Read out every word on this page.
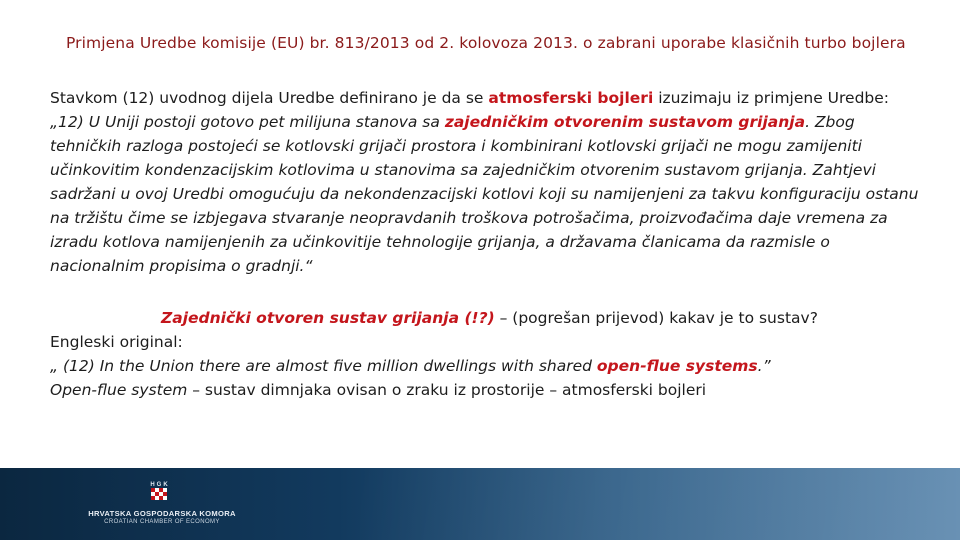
Primjena Uredbe komisije (EU) br. 813/2013 od 2. kolovoza 2013. o zabrani uporabe klasičnih turbo bojlera

Stavkom (12) uvodnog dijela Uredbe definirano je da se atmosferski bojleri izuzimaju iz primjene Uredbe:

„12) U Uniji postoji gotovo pet milijuna stanova sa zajedničkim otvorenim sustavom grijanja. Zbog tehničkih razloga postojeći se kotlovski grijači prostora i kombinirani kotlovski grijači ne mogu zamijeniti učinkovitim kondenzacijskim kotlovima u stanovima sa zajedničkim otvorenim sustavom grijanja. Zahtjevi sadržani u ovoj Uredbi omogućuju da nekondenzacijski kotlovi koji su namijenjeni za takvu konfiguraciju ostanu na tržištu čime se izbjegava stvaranje neopravdanih troškova potrošačima, proizvođačima daje vremena za izradu kotlova namijenjenih za učinkovitije tehnologije grijanja, a državama članicama da razmisle o nacionalnim propisima o gradnji.“

Zajednički otvoren sustav grijanja (!?) – (pogrešan prijevod) kakav je to sustav?

Engleski original:

„ (12) In the Union there are almost five million dwellings with shared open-flue systems.”

Open-flue system – sustav dimnjaka ovisan o zraku iz prostorije – atmosferski bojleri

HGK
HRVATSKA GOSPODARSKA KOMORA
CROATIAN CHAMBER OF ECONOMY
